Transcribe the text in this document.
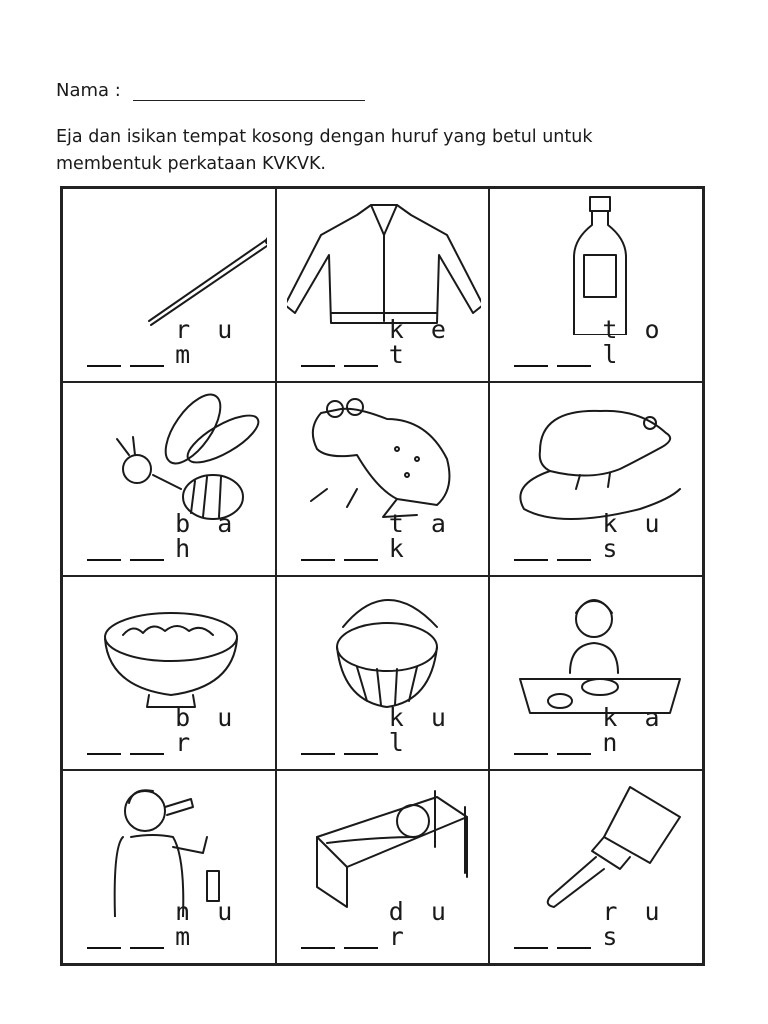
Nama :
Eja dan isikan tempat kosong dengan huruf yang betul untuk membentuk perkataan KVKVK.
r u m
k e t
t o l
b a h
t a k
k u s
b u r
k u l
k a n
n u m
d u r
r u s
